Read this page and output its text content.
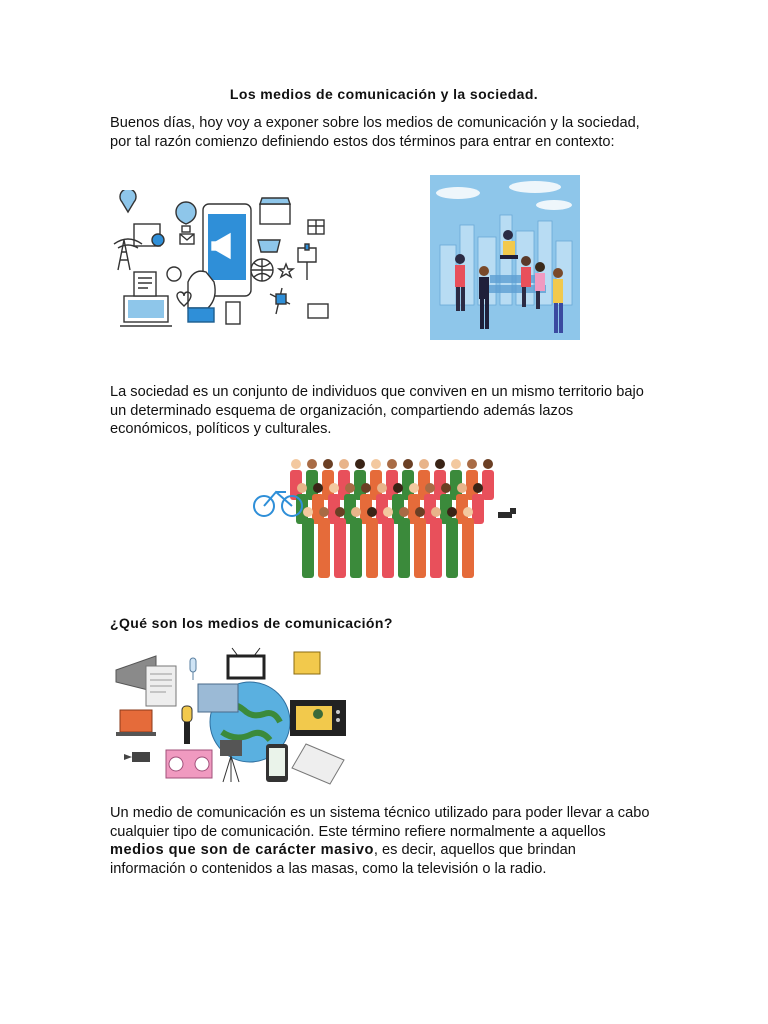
Los medios de comunicación y la sociedad.

Buenos días, hoy voy a exponer sobre los medios de comunicación y la sociedad, por tal razón comienzo definiendo estos dos términos para entrar en contexto:

La sociedad es un conjunto de individuos que conviven en un mismo territorio bajo un determinado esquema de organización, compartiendo además lazos económicos, políticos y culturales.

¿Qué son los medios de comunicación?

Un medio de comunicación es un sistema técnico utilizado para poder llevar a cabo cualquier tipo de comunicación. Este término refiere normalmente a aquellos medios que son de carácter masivo, es decir, aquellos que brindan información o contenidos a las masas, como la televisión o la radio.
